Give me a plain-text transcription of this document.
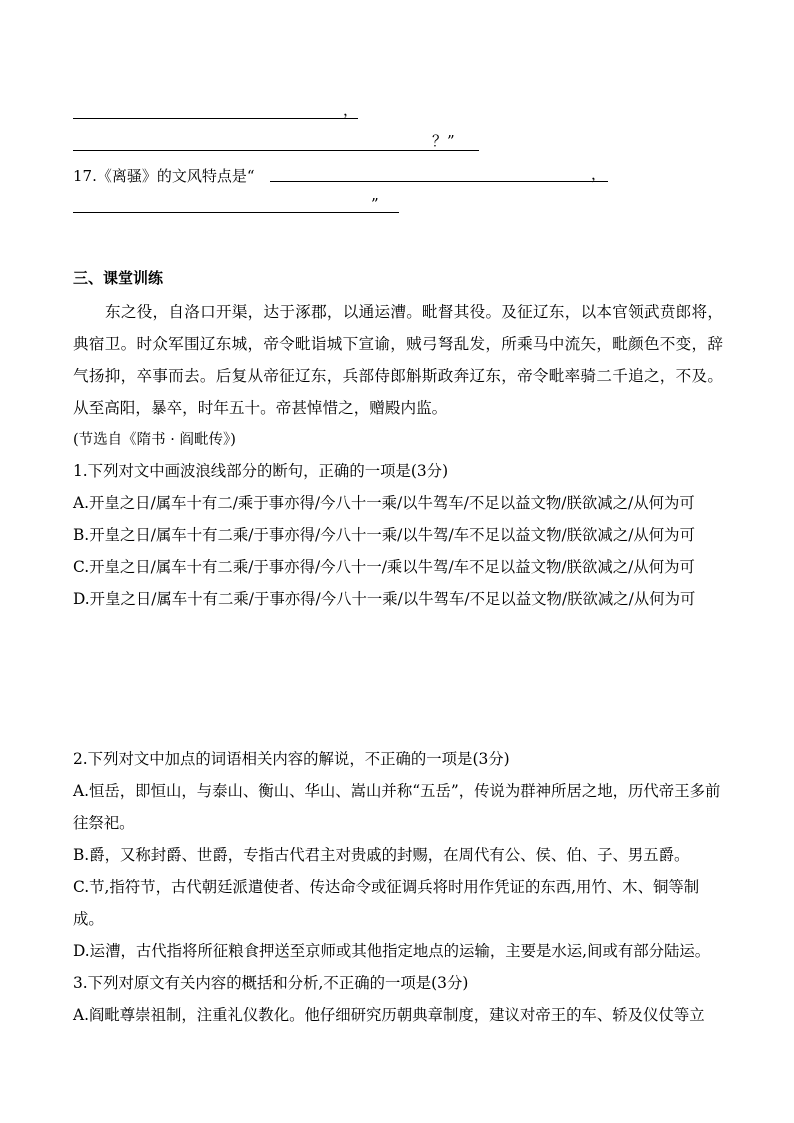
，
？”
17.《离骚》的文风特点是“	，
”
三、课堂训练
东之役，自洛口开渠，达于涿郡，以通运漕。毗督其役。及征辽东，以本官领武贲郎将，典宿卫。时众军围辽东城，帝令毗诣城下宣谕，贼弓弩乱发，所乘马中流矢，毗颜色不变，辞气扬抑，卒事而去。后复从帝征辽东，兵部侍郎斛斯政奔辽东，帝令毗率骑二千追之，不及。从至高阳，暴卒，时年五十。帝甚悼惜之，赠殿内监。
(节选自《隋书 · 阎毗传》)
1.下列对文中画波浪线部分的断句，正确的一项是(3分)
A.开皇之日/属车十有二/乘于事亦得/今八十一乘/以牛驾车/不足以益文物/朕欲减之/从何为可
B.开皇之日/属车十有二乘/于事亦得/今八十一乘/以牛驾/车不足以益文物/朕欲减之/从何为可
C.开皇之日/属车十有二乘/于事亦得/今八十一/乘以牛驾/车不足以益文物/朕欲减之/从何为可
D.开皇之日/属车十有二乘/于事亦得/今八十一乘/以牛驾车/不足以益文物/朕欲减之/从何为可
2.下列对文中加点的词语相关内容的解说，不正确的一项是(3分)
A.恒岳，即恒山，与泰山、衡山、华山、嵩山并称“五岳”，传说为群神所居之地，历代帝王多前往祭祀。
B.爵，又称封爵、世爵，专指古代君主对贵戚的封赐，在周代有公、侯、伯、子、男五爵。
C.节,指符节，古代朝廷派遣使者、传达命令或征调兵将时用作凭证的东西,用竹、木、铜等制成。
D.运漕，古代指将所征粮食押送至京师或其他指定地点的运输，主要是水运,间或有部分陆运。
3.下列对原文有关内容的概括和分析,不正确的一项是(3分)
A.阎毗尊崇祖制，注重礼仪教化。他仔细研究历朝典章制度，建议对帝王的车、轿及仪仗等立
